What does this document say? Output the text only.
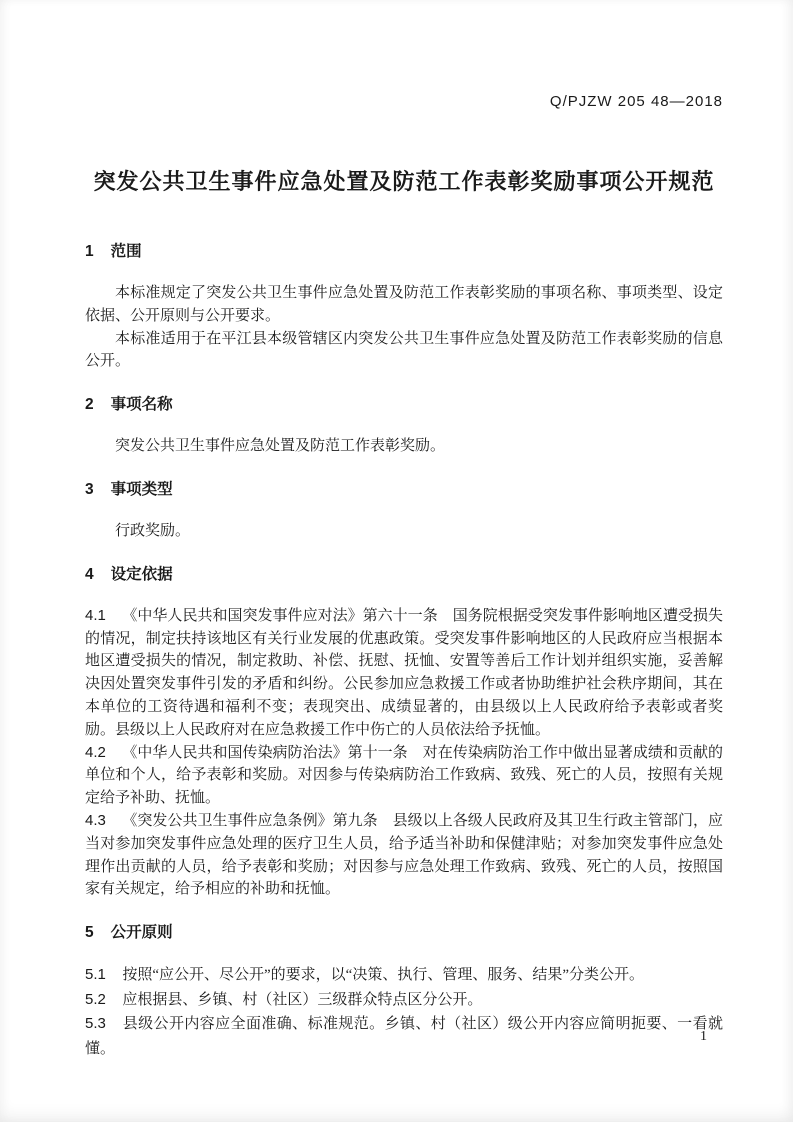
Q/PJZW 205 48—2018
突发公共卫生事件应急处置及防范工作表彰奖励事项公开规范
1 范围

本标准规定了突发公共卫生事件应急处置及防范工作表彰奖励的事项名称、事项类型、设定依据、公开原则与公开要求。

本标准适用于在平江县本级管辖区内突发公共卫生事件应急处置及防范工作表彰奖励的信息公开。

2 事项名称

突发公共卫生事件应急处置及防范工作表彰奖励。

3 事项类型

行政奖励。

4 设定依据

4.1 《中华人民共和国突发事件应对法》第六十一条　国务院根据受突发事件影响地区遭受损失的情况，制定扶持该地区有关行业发展的优惠政策。受突发事件影响地区的人民政府应当根据本地区遭受损失的情况，制定救助、补偿、抚慰、抚恤、安置等善后工作计划并组织实施，妥善解决因处置突发事件引发的矛盾和纠纷。公民参加应急救援工作或者协助维护社会秩序期间，其在本单位的工资待遇和福利不变；表现突出、成绩显著的，由县级以上人民政府给予表彰或者奖励。县级以上人民政府对在应急救援工作中伤亡的人员依法给予抚恤。

4.2 《中华人民共和国传染病防治法》第十一条　对在传染病防治工作中做出显著成绩和贡献的单位和个人，给予表彰和奖励。对因参与传染病防治工作致病、致残、死亡的人员，按照有关规定给予补助、抚恤。

4.3 《突发公共卫生事件应急条例》第九条　县级以上各级人民政府及其卫生行政主管部门，应当对参加突发事件应急处理的医疗卫生人员，给予适当补助和保健津贴；对参加突发事件应急处理作出贡献的人员，给予表彰和奖励；对因参与应急处理工作致病、致残、死亡的人员，按照国家有关规定，给予相应的补助和抚恤。

5 公开原则

5.1 按照“应公开、尽公开”的要求，以“决策、执行、管理、服务、结果”分类公开。

5.2 应根据县、乡镇、村（社区）三级群众特点区分公开。

5.3 县级公开内容应全面准确、标准规范。乡镇、村（社区）级公开内容应简明扼要、一看就懂。

1
